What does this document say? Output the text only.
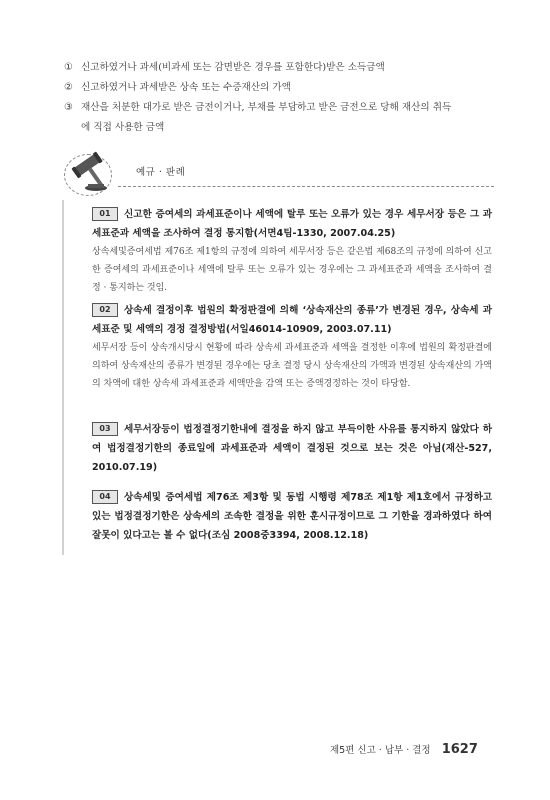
① 신고하였거나 과세(비과세 또는 감면받은 경우를 포함한다)받은 소득금액
② 신고하였거나 과세받은 상속 또는 수증재산의 가액
③ 재산을 처분한 대가로 받은 금전이거나, 부채를 부담하고 받은 금전으로 당해 재산의 취득
에 직접 사용한 금액
예규 · 판례
01 신고한 증여세의 과세표준이나 세액에 탈루 또는 오류가 있는 경우 세무서장 등은 그 과세표준과 세액을 조사하여 결정 통지함(서면4팀-1330, 2007.04.25)
상속세및증여세법 제76조 제1항의 규정에 의하여 세무서장 등은 같은법 제68조의 규정에 의하여 신고한 증여세의 과세표준이나 세액에 탈루 또는 오류가 있는 경우에는 그 과세표준과 세액을 조사하여 결정 · 통지하는 것임.
02 상속세 결정이후 법원의 확정판결에 의해 ‘상속재산의 종류’가 변경된 경우, 상속세 과세표준 및 세액의 경정 결정방법(서일46014-10909, 2003.07.11)
세무서장 등이 상속개시당시 현황에 따라 상속세 과세표준과 세액을 결정한 이후에 법원의 확정판결에 의하여 상속재산의 종류가 변경된 경우에는 당초 결정 당시 상속재산의 가액과 변경된 상속재산의 가액의 차액에 대한 상속세 과세표준과 세액만을 감액 또는 증액경정하는 것이 타당함.
03 세무서장등이 법정결정기한내에 결정을 하지 않고 부득이한 사유를 통지하지 않았다 하여 법정결정기한의 종료일에 과세표준과 세액이 결정된 것으로 보는 것은 아님(재산-527, 2010.07.19)
04 상속세및 증여세법 제76조 제3항 및 동법 시행령 제78조 제1항 제1호에서 규정하고 있는 법정결정기한은 상속세의 조속한 결정을 위한 훈시규정이므로 그 기한을 경과하였다 하여 잘못이 있다고는 볼 수 없다(조심 2008중3394, 2008.12.18)
제5편 신고 · 납부 · 결정 1627
